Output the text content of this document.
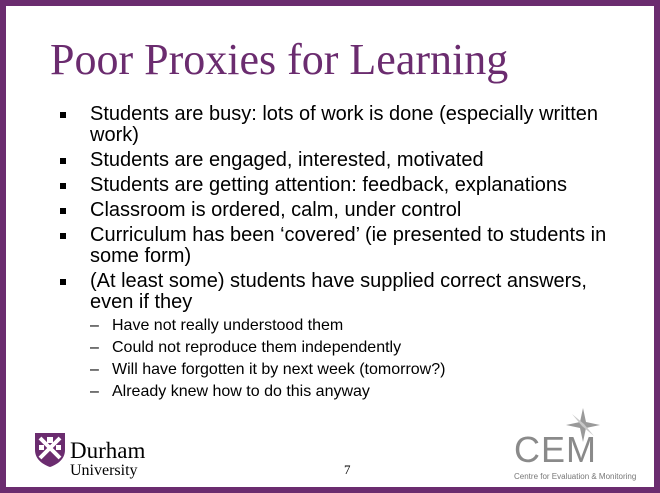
Poor Proxies for Learning
Students are busy: lots of work is done (especially written work)
Students are engaged, interested, motivated
Students are getting attention: feedback, explanations
Classroom is ordered, calm, under control
Curriculum has been ‘covered’ (ie presented to students in some form)
(At least some) students have supplied correct answers, even if they
– Have not really understood them
– Could not reproduce them independently
– Will have forgotten it by next week (tomorrow?)
– Already knew how to do this anyway
Durham
University	7	CEM
Centre for Evaluation & Monitoring
